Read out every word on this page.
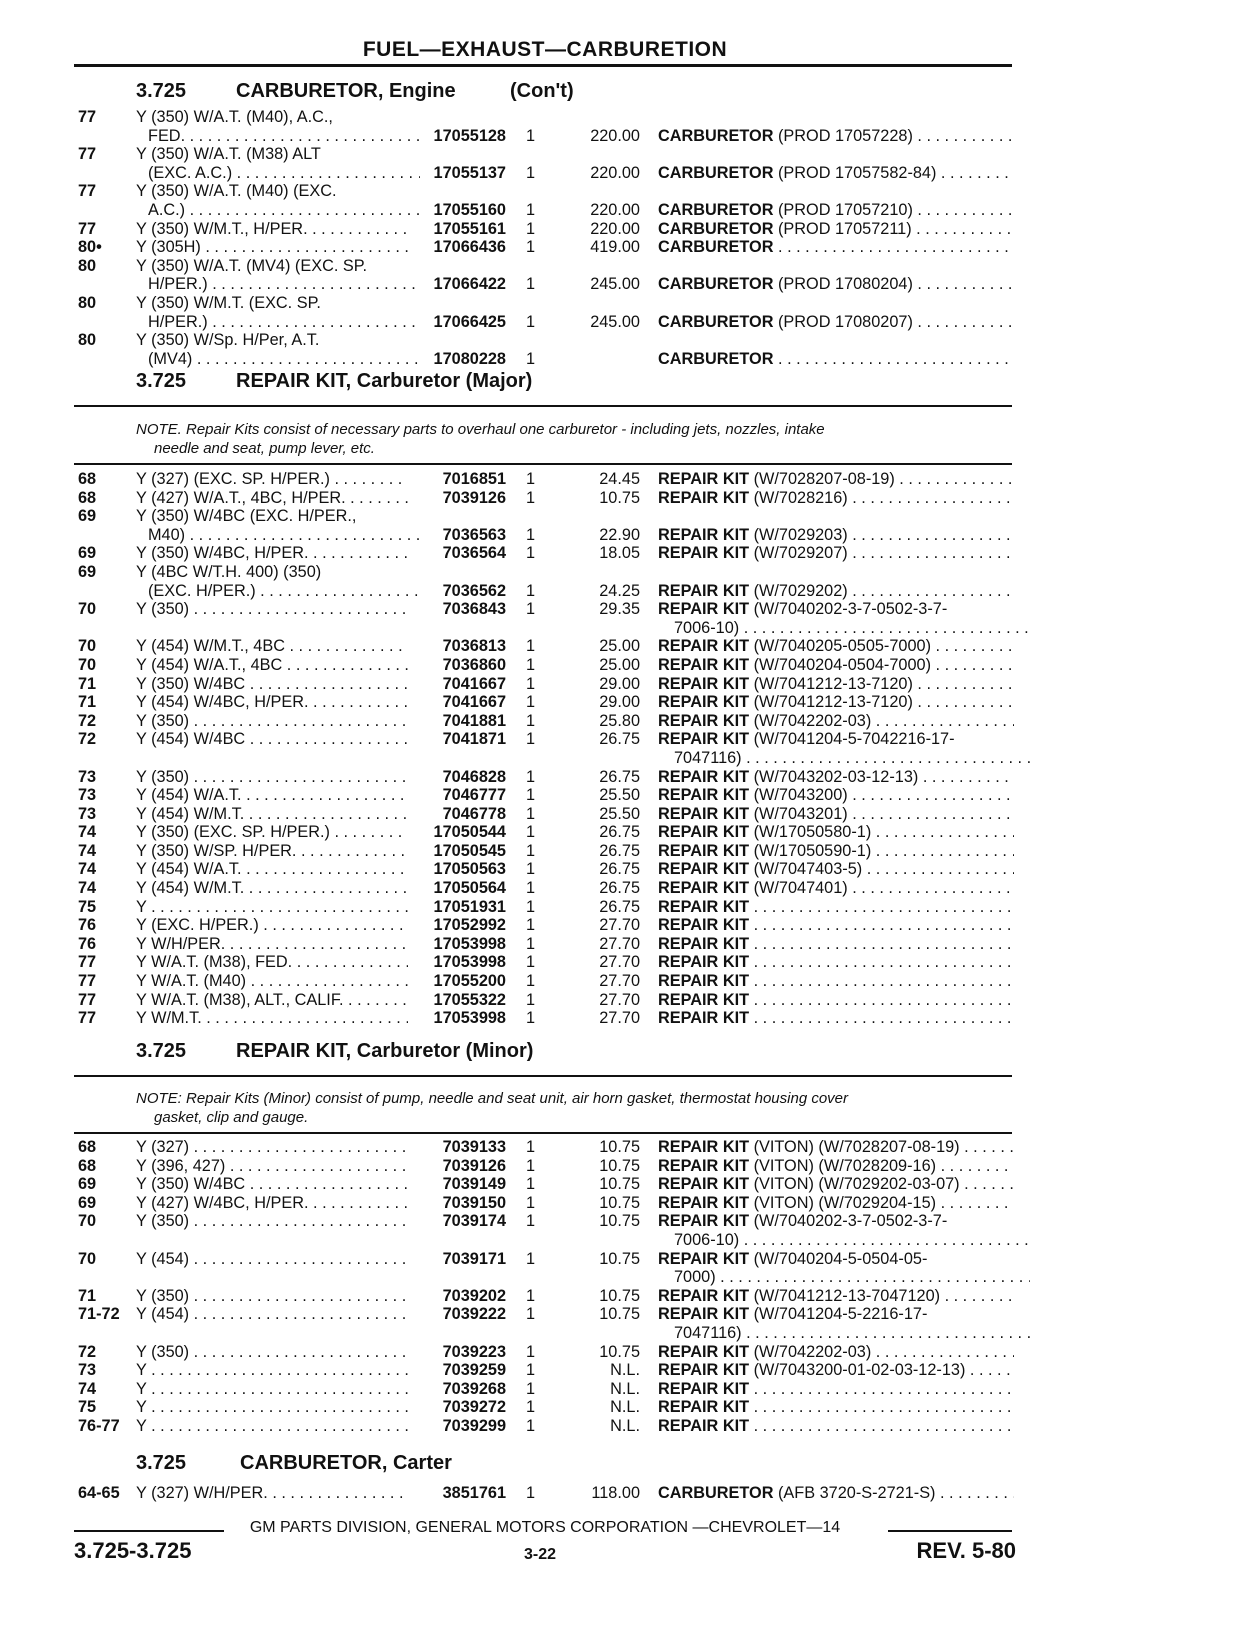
FUEL—EXHAUST—CARBURETION
3.725 CARBURETOR, Engine	(Con't)
77 Y (350) W/A.T. (M40), A.C.,
FED. . . .	17055128 1	220.00 CARBURETOR (PROD 17057228) . . .
77 Y (350) W/A.T. (M38) ALT
(EXC. A.C.) . . .	17055137 1	220.00 CARBURETOR (PROD 17057582-84) . . .
77 Y (350) W/A.T. (M40) (EXC.
A.C.) . . .	17055160 1	220.00 CARBURETOR (PROD 17057210) . . .
77 Y (350) W/M.T., H/PER. . . .	17055161 1	220.00 CARBURETOR (PROD 17057211) . . .
80• Y (305H) . . .	17066436 1	419.00 CARBURETOR . . .
80 Y (350) W/A.T. (MV4) (EXC. SP.
H/PER.) . . .	17066422 1	245.00 CARBURETOR (PROD 17080204) . . .
80 Y (350) W/M.T. (EXC. SP.
H/PER.) . . .	17066425 1	245.00 CARBURETOR (PROD 17080207) . . .
80 Y (350) W/Sp. H/Per, A.T.
(MV4) . . .	17080228 1	CARBURETOR . . .
3.725 REPAIR KIT, Carburetor (Major)
NOTE. Repair Kits consist of necessary parts to overhaul one carburetor - including jets, nozzles, intake
needle and seat, pump lever, etc.
68 Y (327) (EXC. SP. H/PER.) . . .	7016851 1	24.45 REPAIR KIT (W/7028207-08-19) . . .
68 Y (427) W/A.T., 4BC, H/PER. . . .	7039126 1	10.75 REPAIR KIT (W/7028216) . . .
69 Y (350) W/4BC (EXC. H/PER.,
M40) . . .	7036563 1	22.90 REPAIR KIT (W/7029203) . . .
69 Y (350) W/4BC, H/PER. . . .	7036564 1	18.05 REPAIR KIT (W/7029207) . . .
69 Y (4BC W/T.H. 400) (350)
(EXC. H/PER.) . . .	7036562 1	24.25 REPAIR KIT (W/7029202) . . .
70 Y (350) . . .	7036843 1	29.35 REPAIR KIT (W/7040202-3-7-0502-3-7-
7006-10) . . .
70 Y (454) W/M.T., 4BC . . .	7036813 1	25.00 REPAIR KIT (W/7040205-0505-7000) . . .
70 Y (454) W/A.T., 4BC . . .	7036860 1	25.00 REPAIR KIT (W/7040204-0504-7000) . . .
71 Y (350) W/4BC . . .	7041667 1	29.00 REPAIR KIT (W/7041212-13-7120) . . .
71 Y (454) W/4BC, H/PER. . . .	7041667 1	29.00 REPAIR KIT (W/7041212-13-7120) . . .
72 Y (350) . . .	7041881 1	25.80 REPAIR KIT (W/7042202-03) . . .
72 Y (454) W/4BC . . .	7041871 1	26.75 REPAIR KIT (W/7041204-5-7042216-17-
7047116) . . .
73 Y (350) . . .	7046828 1	26.75 REPAIR KIT (W/7043202-03-12-13) . . .
73 Y (454) W/A.T. . . .	7046777 1	25.50 REPAIR KIT (W/7043200) . . .
73 Y (454) W/M.T. . . .	7046778 1	25.50 REPAIR KIT (W/7043201) . . .
74 Y (350) (EXC. SP. H/PER.) . . .	17050544 1	26.75 REPAIR KIT (W/17050580-1) . . .
74 Y (350) W/SP. H/PER. . . .	17050545 1	26.75 REPAIR KIT (W/17050590-1) . . .
74 Y (454) W/A.T. . . .	17050563 1	26.75 REPAIR KIT (W/7047403-5) . . .
74 Y (454) W/M.T. . . .	17050564 1	26.75 REPAIR KIT (W/7047401) . . .
75 Y . . .	17051931 1	26.75 REPAIR KIT . . .
76 Y (EXC. H/PER.) . . .	17052992 1	27.70 REPAIR KIT . . .
76 Y W/H/PER. . . .	17053998 1	27.70 REPAIR KIT . . .
77 Y W/A.T. (M38), FED. . . .	17053998 1	27.70 REPAIR KIT . . .
77 Y W/A.T. (M40) . . .	17055200 1	27.70 REPAIR KIT . . .
77 Y W/A.T. (M38), ALT., CALIF. . . .	17055322 1	27.70 REPAIR KIT . . .
77 Y W/M.T. . . .	17053998 1	27.70 REPAIR KIT . . .
3.725 REPAIR KIT, Carburetor (Minor)
NOTE: Repair Kits (Minor) consist of pump, needle and seat unit, air horn gasket, thermostat housing cover
gasket, clip and gauge.
68 Y (327) . . .	7039133 1	10.75 REPAIR KIT (VITON) (W/7028207-08-19) . . .
68 Y (396, 427) . . .	7039126 1	10.75 REPAIR KIT (VITON) (W/7028209-16) . . .
69 Y (350) W/4BC . . .	7039149 1	10.75 REPAIR KIT (VITON) (W/7029202-03-07) . . .
69 Y (427) W/4BC, H/PER. . . .	7039150 1	10.75 REPAIR KIT (VITON) (W/7029204-15) . . .
70 Y (350) . . .	7039174 1	10.75 REPAIR KIT (W/7040202-3-7-0502-3-7-
7006-10) . . .
70 Y (454) . . .	7039171 1	10.75 REPAIR KIT (W/7040204-5-0504-05-
7000) . . .
71 Y (350) . . .	7039202 1	10.75 REPAIR KIT (W/7041212-13-7047120) . . .
71-72 Y (454) . . .	7039222 1	10.75 REPAIR KIT (W/7041204-5-2216-17-
7047116) . . .
72 Y (350) . . .	7039223 1	10.75 REPAIR KIT (W/7042202-03) . . .
73 Y . . .	7039259 1	N.L. REPAIR KIT (W/7043200-01-02-03-12-13) . . .
74 Y . . .	7039268 1	N.L. REPAIR KIT . . .
75 Y . . .	7039272 1	N.L. REPAIR KIT . . .
76-77 Y . . .	7039299 1	N.L. REPAIR KIT . . .
3.725	CARBURETOR, Carter
64-65 Y (327) W/H/PER. . . .	3851761 1	118.00 CARBURETOR (AFB 3720-S-2721-S) . . .
GM PARTS DIVISION, GENERAL MOTORS CORPORATION —CHEVROLET—14
3.725-3.725	3-22	REV. 5-80
